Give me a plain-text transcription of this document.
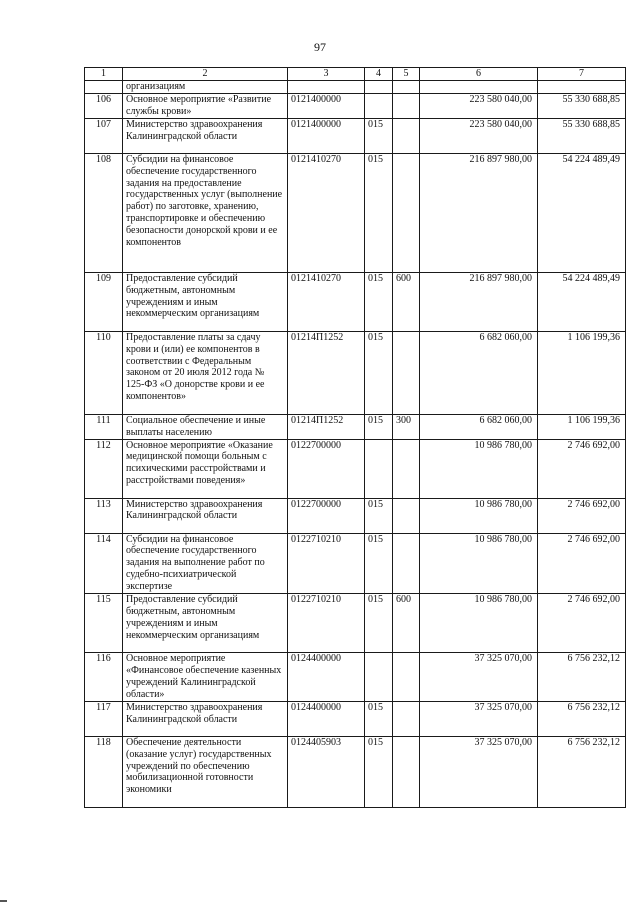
97
1	2	3	4	5	6	7
	организациям					
106	Основное мероприятие «Развитие службы крови»	0121400000			223 580 040,00	55 330 688,85
107	Министерство здравоохранения Калининградской области	0121400000	015		223 580 040,00	55 330 688,85
108	Субсидии на финансовое обеспечение государственного задания на предоставление государственных услуг (выполнение работ) по заготовке, хранению, транспортировке и обеспечению безопасности донорской крови и ее компонентов	0121410270	015		216 897 980,00	54 224 489,49
109	Предоставление субсидий бюджетным, автономным учреждениям и иным некоммерческим организациям	0121410270	015	600	216 897 980,00	54 224 489,49
110	Предоставление платы за сдачу крови и (или) ее компонентов в соответствии с Федеральным законом от 20 июля 2012 года № 125-ФЗ «О донорстве крови и ее компонентов»	01214П1252	015		6 682 060,00	1 106 199,36
111	Социальное обеспечение и иные выплаты населению	01214П1252	015	300	6 682 060,00	1 106 199,36
112	Основное мероприятие «Оказание медицинской помощи больным с психическими расстройствами и расстройствами поведения»	0122700000			10 986 780,00	2 746 692,00
113	Министерство здравоохранения Калининградской области	0122700000	015		10 986 780,00	2 746 692,00
114	Субсидии на финансовое обеспечение государственного задания на выполнение работ по судебно-психиатрической экспертизе	0122710210	015		10 986 780,00	2 746 692,00
115	Предоставление субсидий бюджетным, автономным учреждениям и иным некоммерческим организациям	0122710210	015	600	10 986 780,00	2 746 692,00
116	Основное мероприятие «Финансовое обеспечение казенных учреждений Калининградской области»	0124400000			37 325 070,00	6 756 232,12
117	Министерство здравоохранения Калининградской области	0124400000	015		37 325 070,00	6 756 232,12
118	Обеспечение деятельности (оказание услуг) государственных учреждений по обеспечению мобилизационной готовности экономики	0124405903	015		37 325 070,00	6 756 232,12
